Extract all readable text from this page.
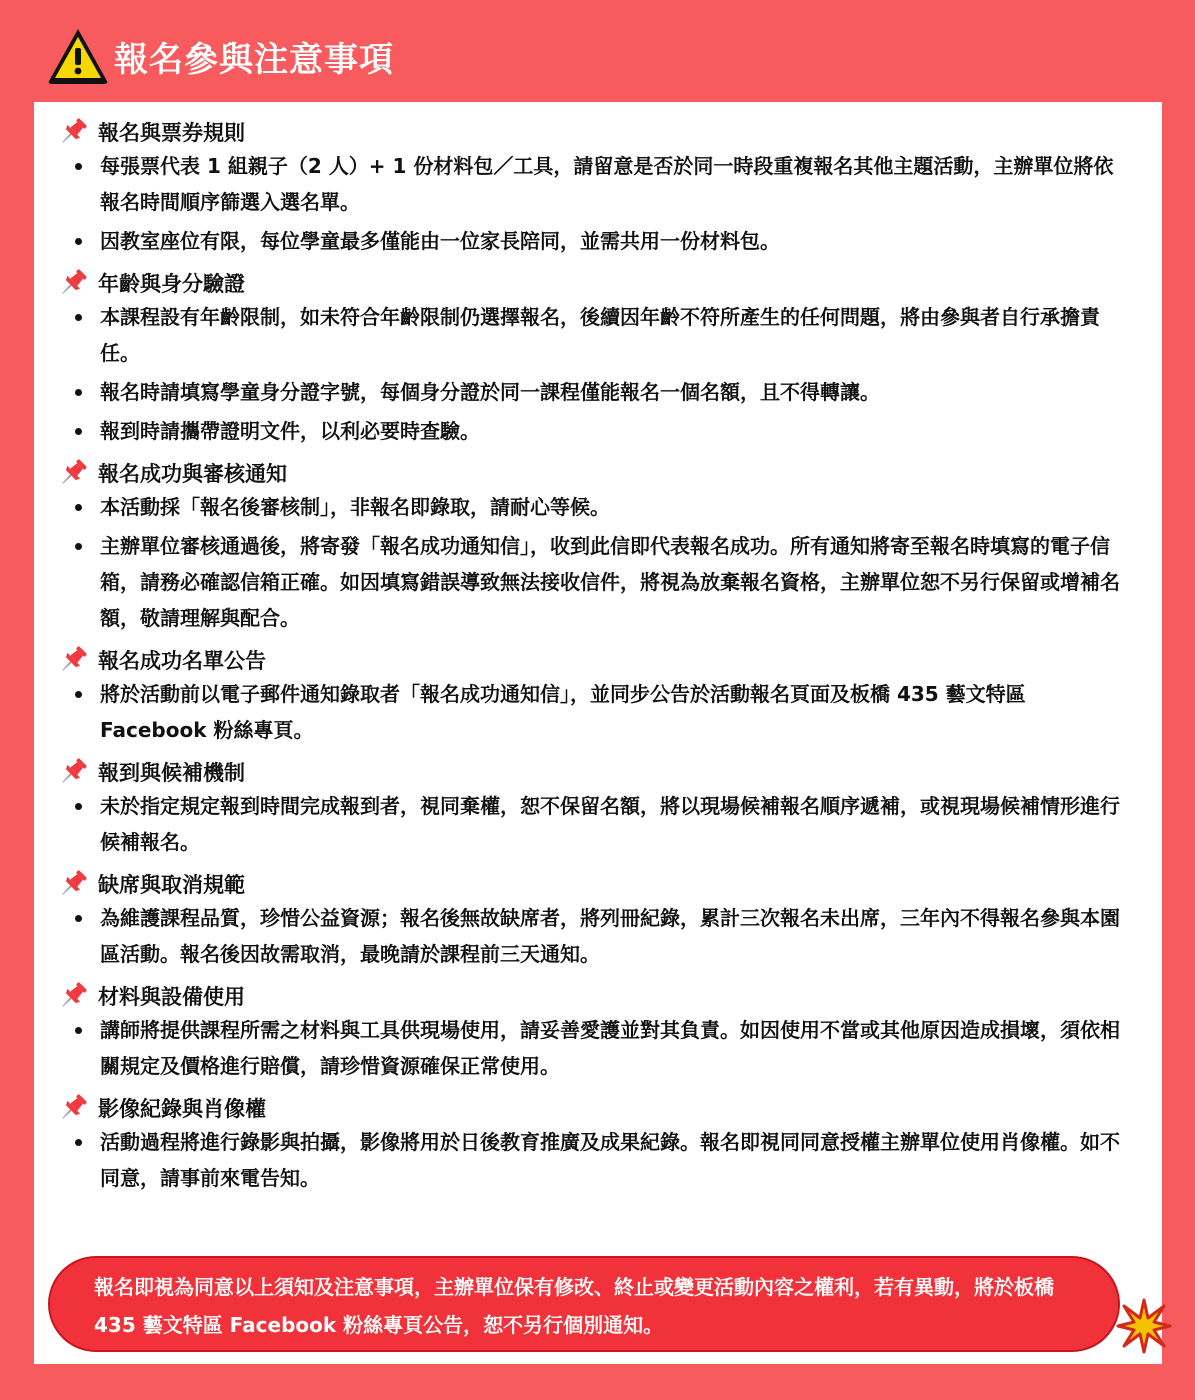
報名參與注意事項
報名與票券規則
每張票代表 1 組親子（2 人）+ 1 份材料包／工具，請留意是否於同一時段重複報名其他主題活動，主辦單位將依報名時間順序篩選入選名單。
因教室座位有限，每位學童最多僅能由一位家長陪同，並需共用一份材料包。
年齡與身分驗證
本課程設有年齡限制，如未符合年齡限制仍選擇報名，後續因年齡不符所產生的任何問題，將由參與者自行承擔責任。
報名時請填寫學童身分證字號，每個身分證於同一課程僅能報名一個名額，且不得轉讓。
報到時請攜帶證明文件，以利必要時查驗。
報名成功與審核通知
本活動採「報名後審核制」，非報名即錄取，請耐心等候。
主辦單位審核通過後，將寄發「報名成功通知信」，收到此信即代表報名成功。所有通知將寄至報名時填寫的電子信箱，請務必確認信箱正確。如因填寫錯誤導致無法接收信件，將視為放棄報名資格，主辦單位恕不另行保留或增補名額，敬請理解與配合。
報名成功名單公告
將於活動前以電子郵件通知錄取者「報名成功通知信」，並同步公告於活動報名頁面及板橋 435 藝文特區 Facebook 粉絲專頁。
報到與候補機制
未於指定規定報到時間完成報到者，視同棄權，恕不保留名額，將以現場候補報名順序遞補，或視現場候補情形進行候補報名。
缺席與取消規範
為維護課程品質，珍惜公益資源；報名後無故缺席者，將列冊紀錄，累計三次報名未出席，三年內不得報名參與本園區活動。報名後因故需取消，最晚請於課程前三天通知。
材料與設備使用
講師將提供課程所需之材料與工具供現場使用，請妥善愛護並對其負責。如因使用不當或其他原因造成損壞，須依相關規定及價格進行賠償，請珍惜資源確保正常使用。
影像紀錄與肖像權
活動過程將進行錄影與拍攝，影像將用於日後教育推廣及成果紀錄。報名即視同同意授權主辦單位使用肖像權。如不同意，請事前來電告知。
報名即視為同意以上須知及注意事項，主辦單位保有修改、終止或變更活動內容之權利，若有異動，將於板橋 435 藝文特區 Facebook 粉絲專頁公告，恕不另行個別通知。
